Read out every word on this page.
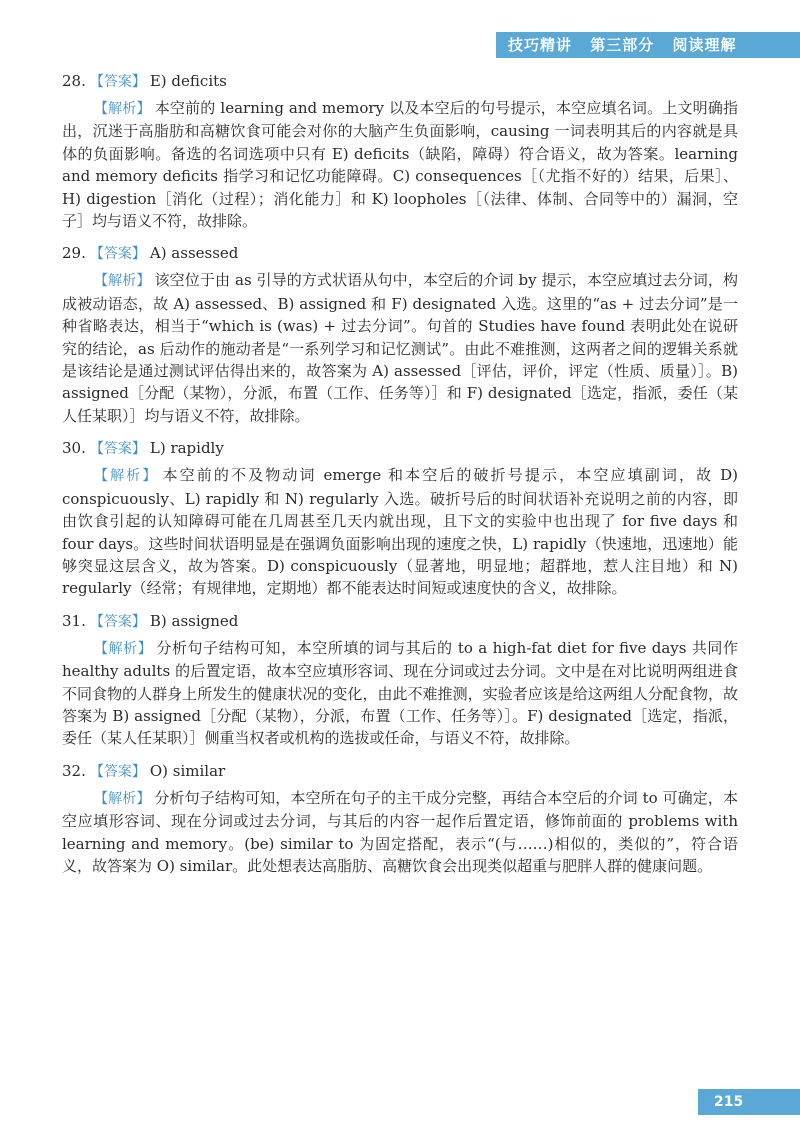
技巧精讲 第三部分 阅读理解

28. 【答案】 E) deficits

【解析】 本空前的 learning and memory 以及本空后的句号提示，本空应填名词。上文明确指出，沉迷于高脂肪和高糖饮食可能会对你的大脑产生负面影响，causing 一词表明其后的内容就是具体的负面影响。备选的名词选项中只有 E) deficits（缺陷，障碍）符合语义，故为答案。learning and memory deficits 指学习和记忆功能障碍。C) consequences［（尤指不好的）结果，后果］、H) digestion［消化（过程）；消化能力］和 K) loopholes［（法律、体制、合同等中的）漏洞，空子］均与语义不符，故排除。

29. 【答案】 A) assessed

【解析】 该空位于由 as 引导的方式状语从句中，本空后的介词 by 提示，本空应填过去分词，构成被动语态，故 A) assessed、B) assigned 和 F) designated 入选。这里的“as + 过去分词”是一种省略表达，相当于“which is (was) + 过去分词”。句首的 Studies have found 表明此处在说研究的结论，as 后动作的施动者是“一系列学习和记忆测试”。由此不难推测，这两者之间的逻辑关系就是该结论是通过测试评估得出来的，故答案为 A) assessed［评估，评价，评定（性质、质量）］。B) assigned［分配（某物），分派，布置（工作、任务等）］和 F) designated［选定，指派，委任（某人任某职）］均与语义不符，故排除。

30. 【答案】 L) rapidly

【解析】 本空前的不及物动词 emerge 和本空后的破折号提示，本空应填副词，故 D) conspicuously、L) rapidly 和 N) regularly 入选。破折号后的时间状语补充说明之前的内容，即由饮食引起的认知障碍可能在几周甚至几天内就出现，且下文的实验中也出现了 for five days 和 four days。这些时间状语明显是在强调负面影响出现的速度之快，L) rapidly（快速地，迅速地）能够突显这层含义，故为答案。D) conspicuously（显著地，明显地；超群地，惹人注目地）和 N) regularly（经常；有规律地，定期地）都不能表达时间短或速度快的含义，故排除。

31. 【答案】 B) assigned

【解析】 分析句子结构可知，本空所填的词与其后的 to a high-fat diet for five days 共同作 healthy adults 的后置定语，故本空应填形容词、现在分词或过去分词。文中是在对比说明两组进食不同食物的人群身上所发生的健康状况的变化，由此不难推测，实验者应该是给这两组人分配食物，故答案为 B) assigned［分配（某物），分派，布置（工作、任务等）］。F) designated［选定，指派，委任（某人任某职）］侧重当权者或机构的选拔或任命，与语义不符，故排除。

32. 【答案】 O) similar

【解析】 分析句子结构可知，本空所在句子的主干成分完整，再结合本空后的介词 to 可确定，本空应填形容词、现在分词或过去分词，与其后的内容一起作后置定语，修饰前面的 problems with learning and memory。(be) similar to 为固定搭配，表示“(与……)相似的，类似的”，符合语义，故答案为 O) similar。此处想表达高脂肪、高糖饮食会出现类似超重与肥胖人群的健康问题。

215
